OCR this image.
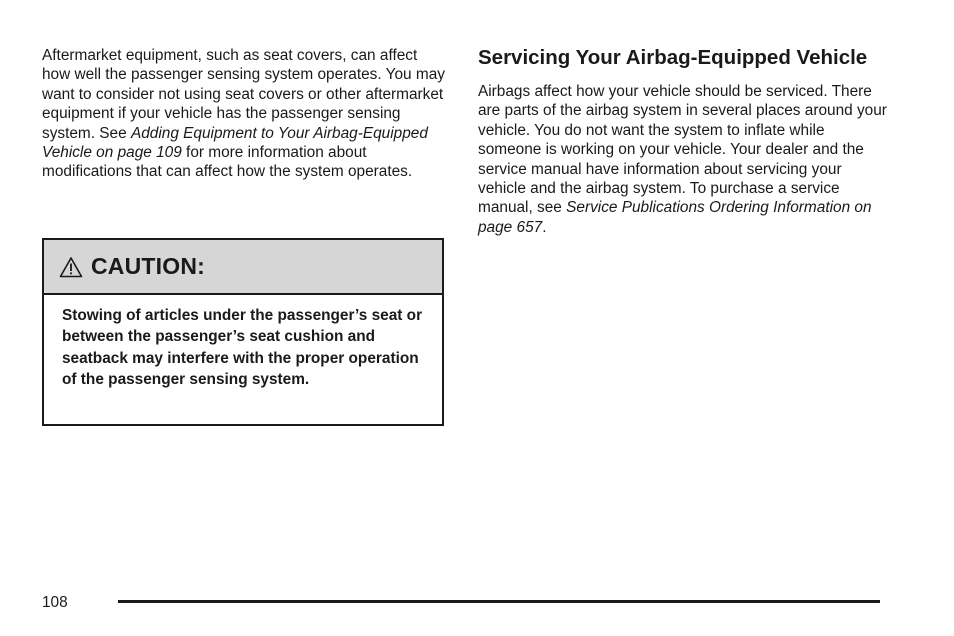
Aftermarket equipment, such as seat covers, can affect how well the passenger sensing system operates. You may want to consider not using seat covers or other aftermarket equipment if your vehicle has the passenger sensing system. See Adding Equipment to Your Airbag-Equipped Vehicle on page 109 for more information about modifications that can affect how the system operates.

CAUTION:
Stowing of articles under the passenger’s seat or between the passenger’s seat cushion and seatback may interfere with the proper operation of the passenger sensing system.
Servicing Your Airbag-Equipped Vehicle

Airbags affect how your vehicle should be serviced. There are parts of the airbag system in several places around your vehicle. You do not want the system to inflate while someone is working on your vehicle. Your dealer and the service manual have information about servicing your vehicle and the airbag system. To purchase a service manual, see Service Publications Ordering Information on page 657.

108
